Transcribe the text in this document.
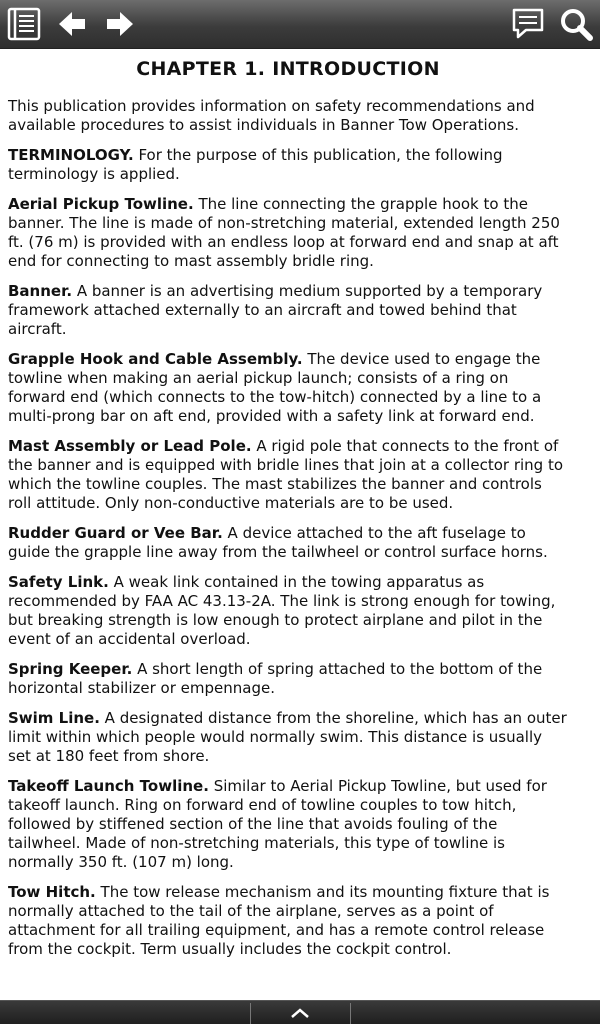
CHAPTER 1. INTRODUCTION

This publication provides information on safety recommendations and available procedures to assist individuals in Banner Tow Operations.

TERMINOLOGY. For the purpose of this publication, the following terminology is applied.

Aerial Pickup Towline. The line connecting the grapple hook to the banner. The line is made of non-stretching material, extended length 250 ft. (76 m) is provided with an endless loop at forward end and snap at aft end for connecting to mast assembly bridle ring.

Banner. A banner is an advertising medium supported by a temporary framework attached externally to an aircraft and towed behind that aircraft.

Grapple Hook and Cable Assembly. The device used to engage the towline when making an aerial pickup launch; consists of a ring on forward end (which connects to the tow-hitch) connected by a line to a multi-prong bar on aft end, provided with a safety link at forward end.

Mast Assembly or Lead Pole. A rigid pole that connects to the front of the banner and is equipped with bridle lines that join at a collector ring to which the towline couples. The mast stabilizes the banner and controls roll attitude. Only non-conductive materials are to be used.

Rudder Guard or Vee Bar. A device attached to the aft fuselage to guide the grapple line away from the tailwheel or control surface horns.

Safety Link. A weak link contained in the towing apparatus as recommended by FAA AC 43.13-2A. The link is strong enough for towing, but breaking strength is low enough to protect airplane and pilot in the event of an accidental overload.

Spring Keeper. A short length of spring attached to the bottom of the horizontal stabilizer or empennage.

Swim Line. A designated distance from the shoreline, which has an outer limit within which people would normally swim. This distance is usually set at 180 feet from shore.

Takeoff Launch Towline. Similar to Aerial Pickup Towline, but used for takeoff launch. Ring on forward end of towline couples to tow hitch, followed by stiffened section of the line that avoids fouling of the tailwheel. Made of non-stretching materials, this type of towline is normally 350 ft. (107 m) long.

Tow Hitch. The tow release mechanism and its mounting fixture that is normally attached to the tail of the airplane, serves as a point of attachment for all trailing equipment, and has a remote control release from the cockpit. Term usually includes the cockpit control.
